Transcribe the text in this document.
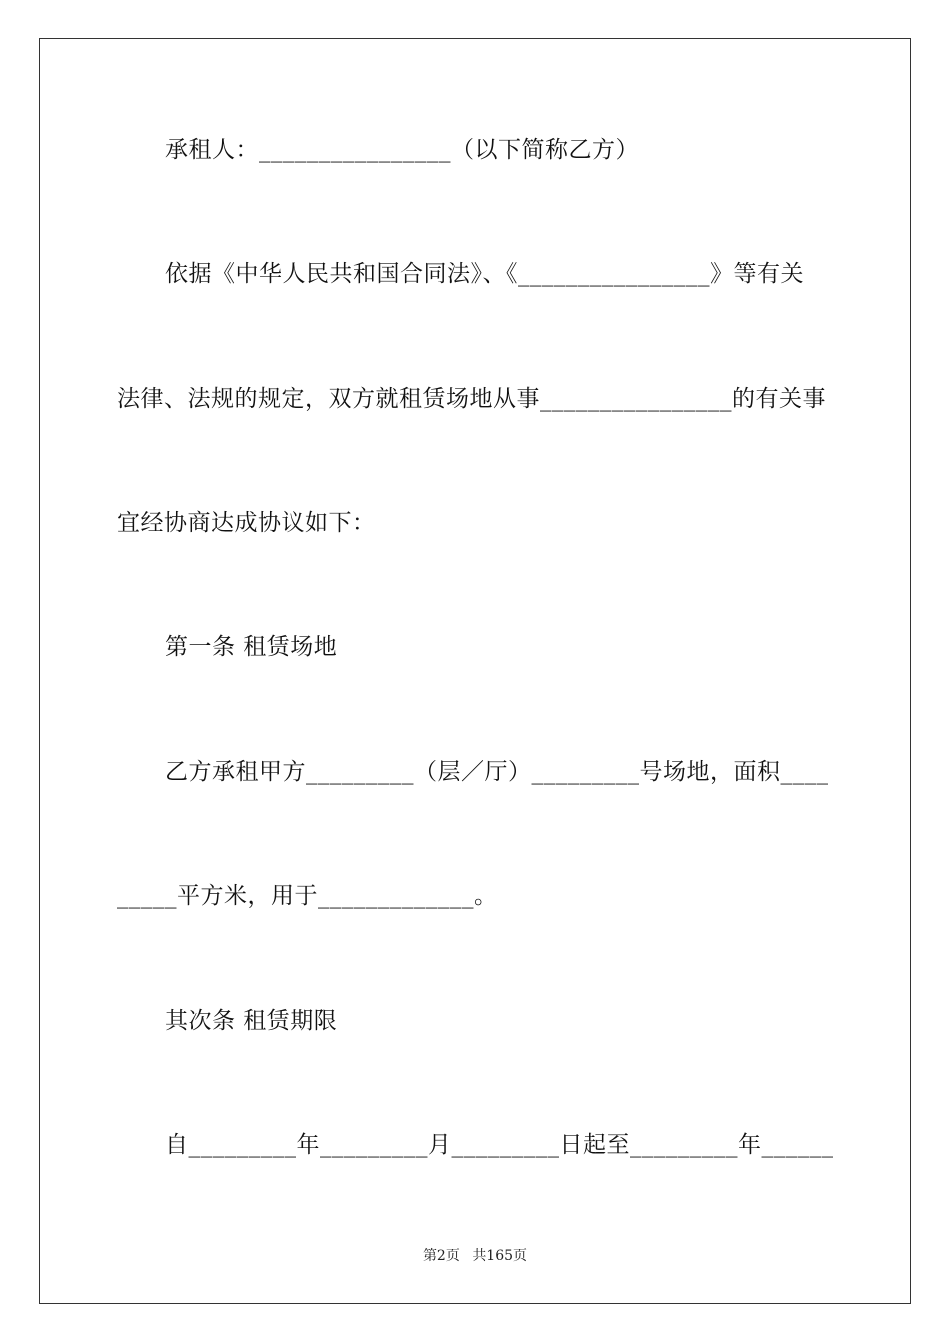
承租人：________________（以下简称乙方）
依据《中华人民共和国合同法》、《________________》等有关
法律、法规的规定，双方就租赁场地从事________________的有关事
宜经协商达成协议如下：
第一条 租赁场地
乙方承租甲方_________（层／厅）_________号场地，面积____
_____平方米，用于_____________。
其次条 租赁期限
自_________年_________月_________日起至_________年______
第2页 共165页
